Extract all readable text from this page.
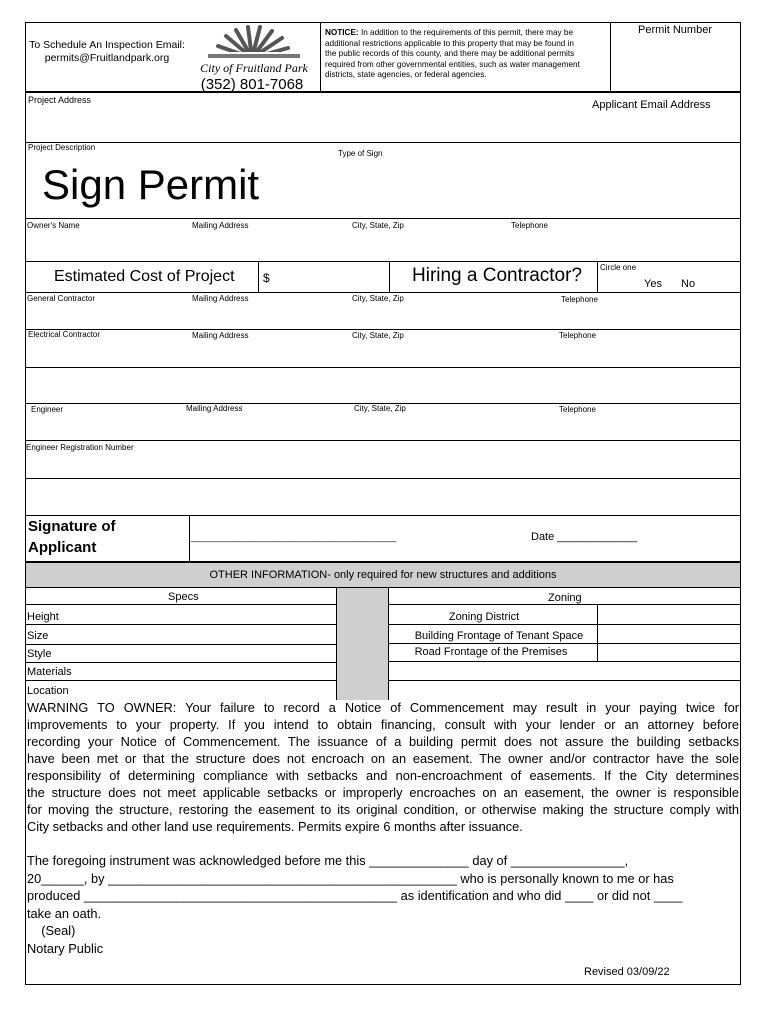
To Schedule An Inspection Email:
permits@Fruitlandpark.org
City of Fruitland Park
(352) 801-7068
NOTICE: In addition to the requirements of this permit, there may be
additional restrictions applicable to this property that may be found in
the public records of this county, and there may be additional permits
required from other governmental entities, such as water management
districts, state agencies, or federal agencies.
Permit Number
Project Address	Applicant Email Address
Project Description
Type of Sign
Sign Permit
Owner's Name	Mailing Address	City, State, Zip	Telephone
Estimated Cost of Project $	Hiring a Contractor? Circle one
Yes No
General Contractor	Mailing Address	City, State, Zip	Telephone
Electrical Contractor	Mailing Address	City, State, Zip	Telephone
Engineer	Mailing Address	City, State, Zip	Telephone
Engineer Registration Number
Signature of
Applicant
_________________________________________	Date _____________
OTHER INFORMATION- only required for new structures and additions
Specs	Zoning
Height
Size
Style
Materials
Location
Zoning District
Building Frontage of Tenant Space
Road Frontage of the Premises
WARNING TO OWNER: Your failure to record a Notice of Commencement may result in your paying twice for
improvements to your property. If you intend to obtain financing, consult with your lender or an attorney before
recording your Notice of Commencement. The issuance of a building permit does not assure the building setbacks
have been met or that the structure does not encroach on an easement. The owner and/or contractor have the sole
responsibility of determining compliance with setbacks and non-encroachment of easements. If the City determines
the structure does not meet applicable setbacks or improperly encroaches on an easement, the owner is responsible
for moving the structure, restoring the easement to its original condition, or otherwise making the structure comply with
City setbacks and other land use requirements. Permits expire 6 months after issuance.
The foregoing instrument was acknowledged before me this ______________ day of ________________,
20______, by _________________________________________________ who is personally known to me or has
produced ____________________________________________ as identification and who did ____ or did not ____
take an oath.
(Seal)
Notary Public
Revised 03/09/22
